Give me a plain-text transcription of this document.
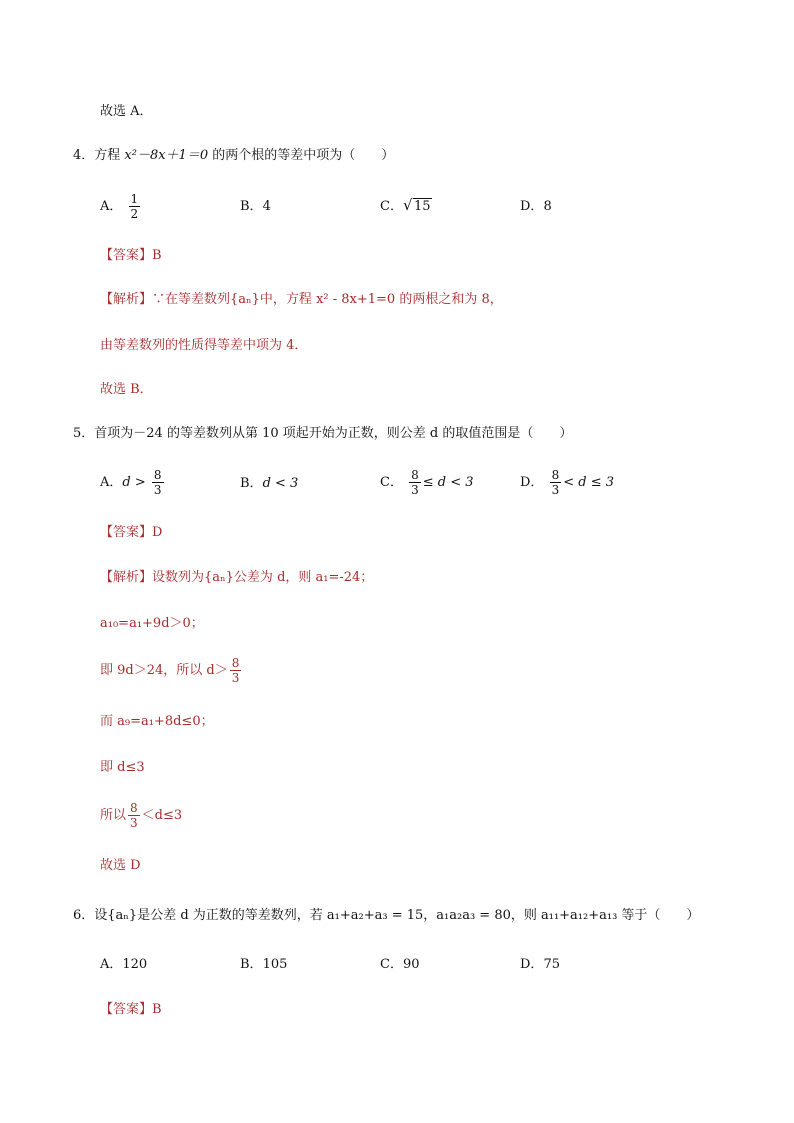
故选 A．
4．方程 x²－8x＋1＝0 的两个根的等差中项为（　　）
A． $\frac{1}{2}$	B．4	C． √ 15	D．8
【答案】B
【解析】∵在等差数列{aₙ}中，方程 x² - 8x+1=0 的两根之和为 8，
由等差数列的性质得等差中项为 4．
故选 B．
5．首项为－24 的等差数列从第 10 项起开始为正数，则公差 d 的取值范围是（　　）
A．$d > \frac{8}{3}$	B．d < 3	C． $\frac{8}{3} \le d < 3$	D． $\frac{8}{3} < d \le 3$
【答案】D
【解析】设数列为{aₙ}公差为 d，则 a₁=-24；
a₁₀=a₁+9d＞0；
即 9d＞24，所以 $d> \frac{8}{3}$
而 a₉=a₁+8d≤0；
即 d≤3
所以 $\frac{8}{3} <d\le 3$
故选 D
6．设{aₙ}是公差 d 为正数的等差数列，若 a₁+a₂+a₃ = 15，a₁a₂a₃ = 80，则 a₁₁+a₁₂+a₁₃ 等于（　　）
A．120	B．105	C．90	D．75
【答案】B
